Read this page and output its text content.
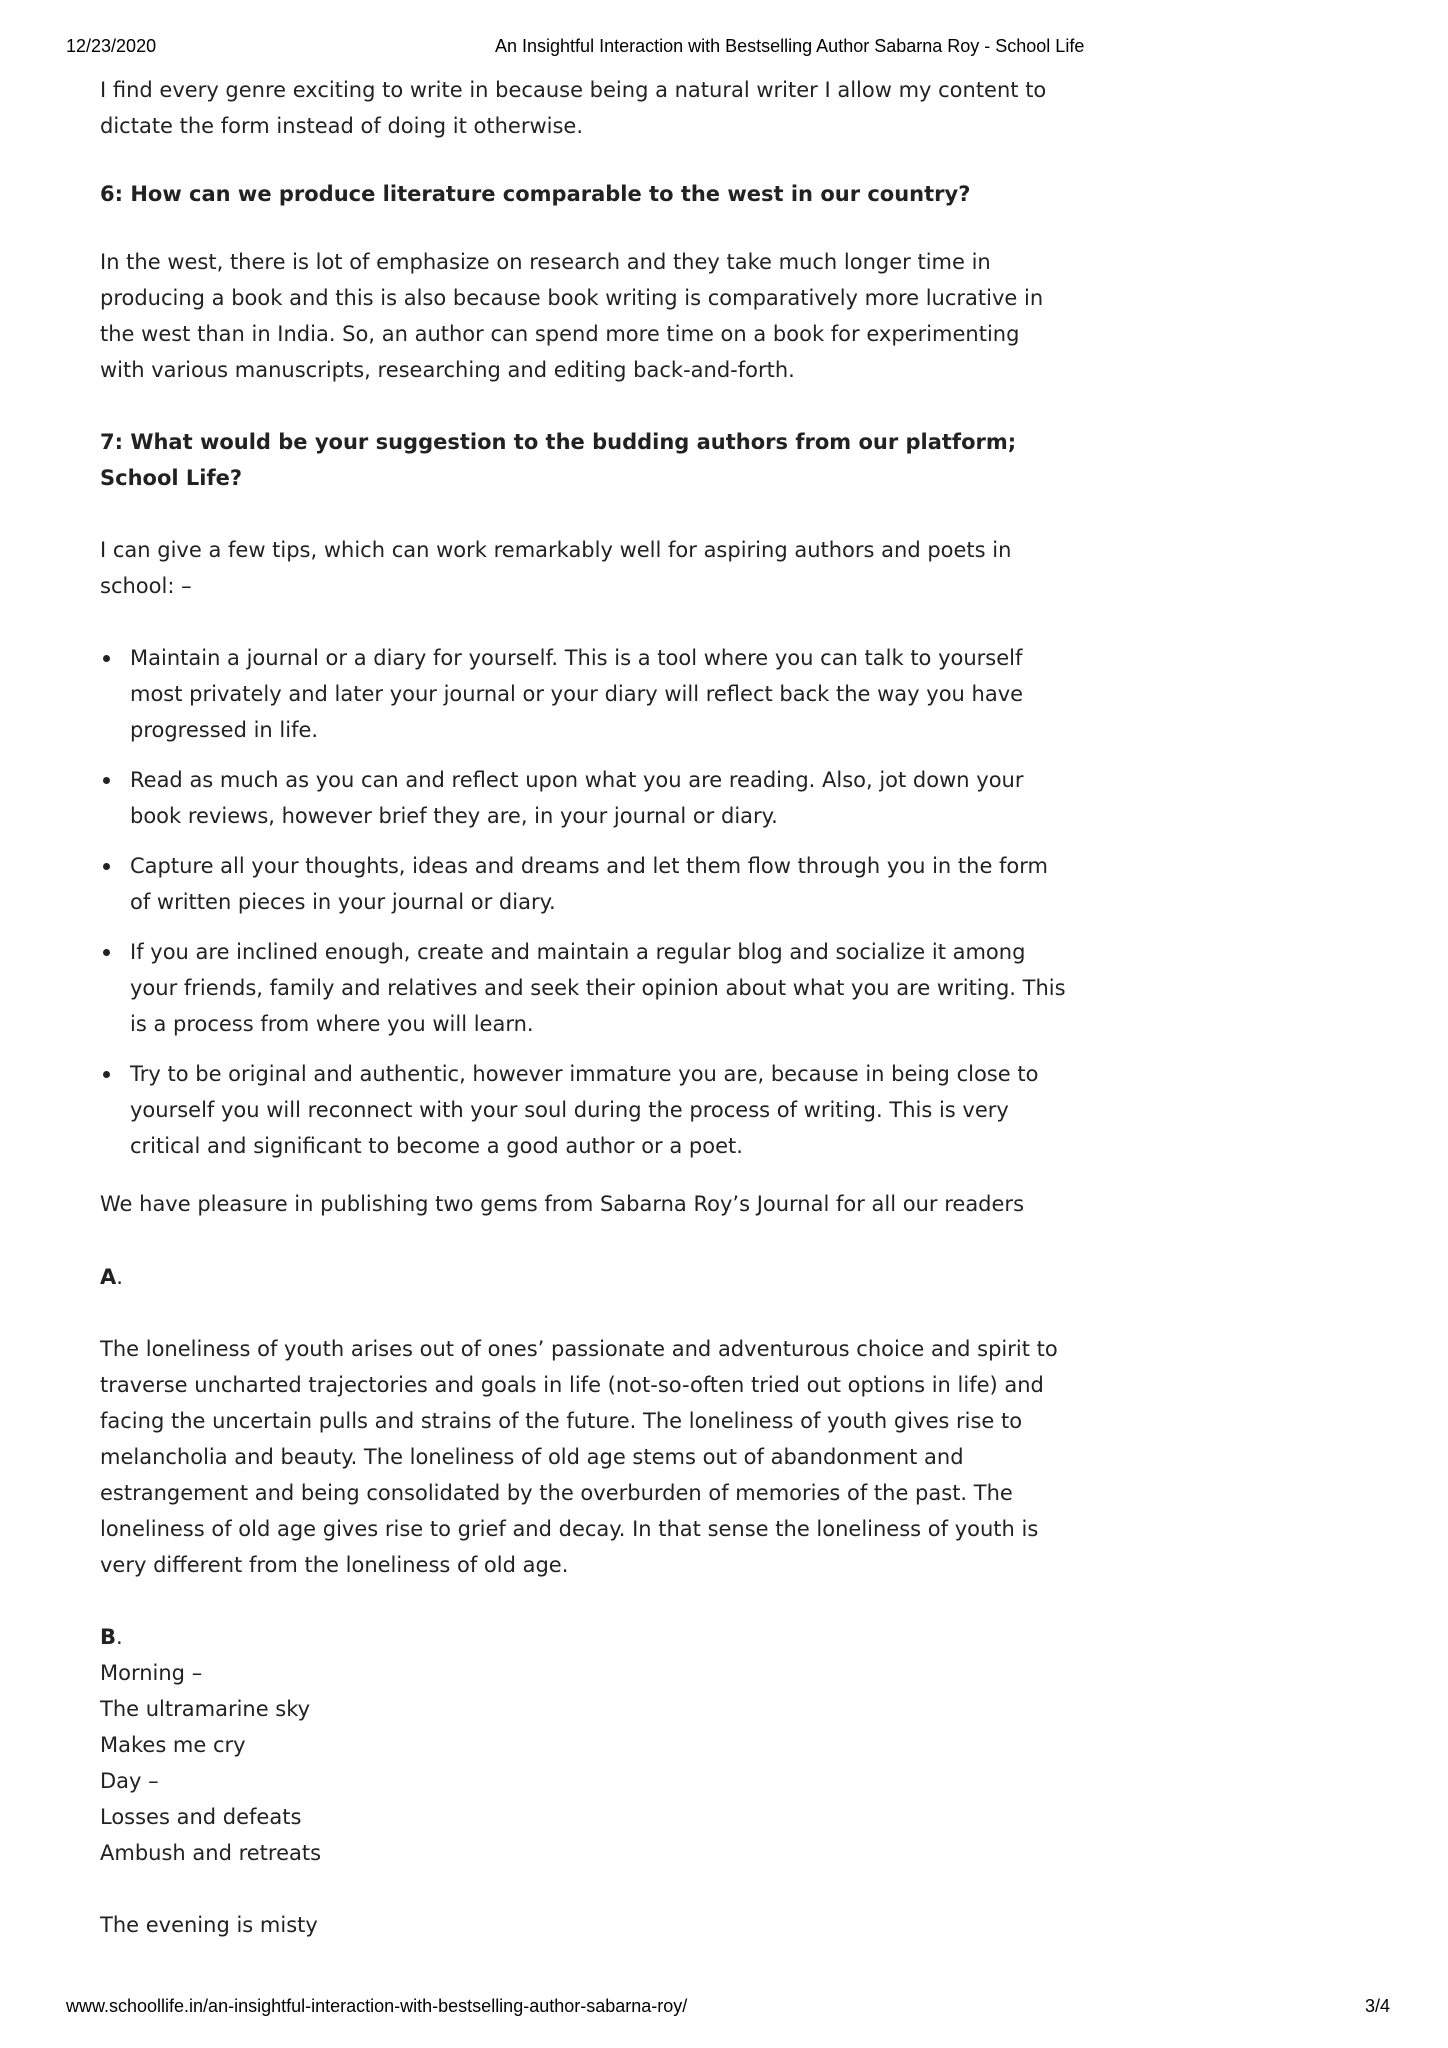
12/23/2020	An Insightful Interaction with Bestselling Author Sabarna Roy - School Life

I find every genre exciting to write in because being a natural writer I allow my content to
dictate the form instead of doing it otherwise.

6: How can we produce literature comparable to the west in our country?

In the west, there is lot of emphasize on research and they take much longer time in
producing a book and this is also because book writing is comparatively more lucrative in
the west than in India. So, an author can spend more time on a book for experimenting
with various manuscripts, researching and editing back-and-forth.

7: What would be your suggestion to the budding authors from our platform;
School Life?

I can give a few tips, which can work remarkably well for aspiring authors and poets in
school: –

Maintain a journal or a diary for yourself. This is a tool where you can talk to yourself
most privately and later your journal or your diary will reflect back the way you have
progressed in life.
Read as much as you can and reflect upon what you are reading. Also, jot down your
book reviews, however brief they are, in your journal or diary.
Capture all your thoughts, ideas and dreams and let them flow through you in the form
of written pieces in your journal or diary.
If you are inclined enough, create and maintain a regular blog and socialize it among
your friends, family and relatives and seek their opinion about what you are writing. This
is a process from where you will learn.
Try to be original and authentic, however immature you are, because in being close to
yourself you will reconnect with your soul during the process of writing. This is very
critical and significant to become a good author or a poet.

We have pleasure in publishing two gems from Sabarna Roy’s Journal for all our readers

A.

The loneliness of youth arises out of ones’ passionate and adventurous choice and spirit to
traverse uncharted trajectories and goals in life (not-so-often tried out options in life) and
facing the uncertain pulls and strains of the future. The loneliness of youth gives rise to
melancholia and beauty. The loneliness of old age stems out of abandonment and
estrangement and being consolidated by the overburden of memories of the past. The
loneliness of old age gives rise to grief and decay. In that sense the loneliness of youth is
very different from the loneliness of old age.

B.

Morning –

The ultramarine sky

Makes me cry

Day –

Losses and defeats

Ambush and retreats

The evening is misty

www.schoollife.in/an-insightful-interaction-with-bestselling-author-sabarna-roy/	3/4
